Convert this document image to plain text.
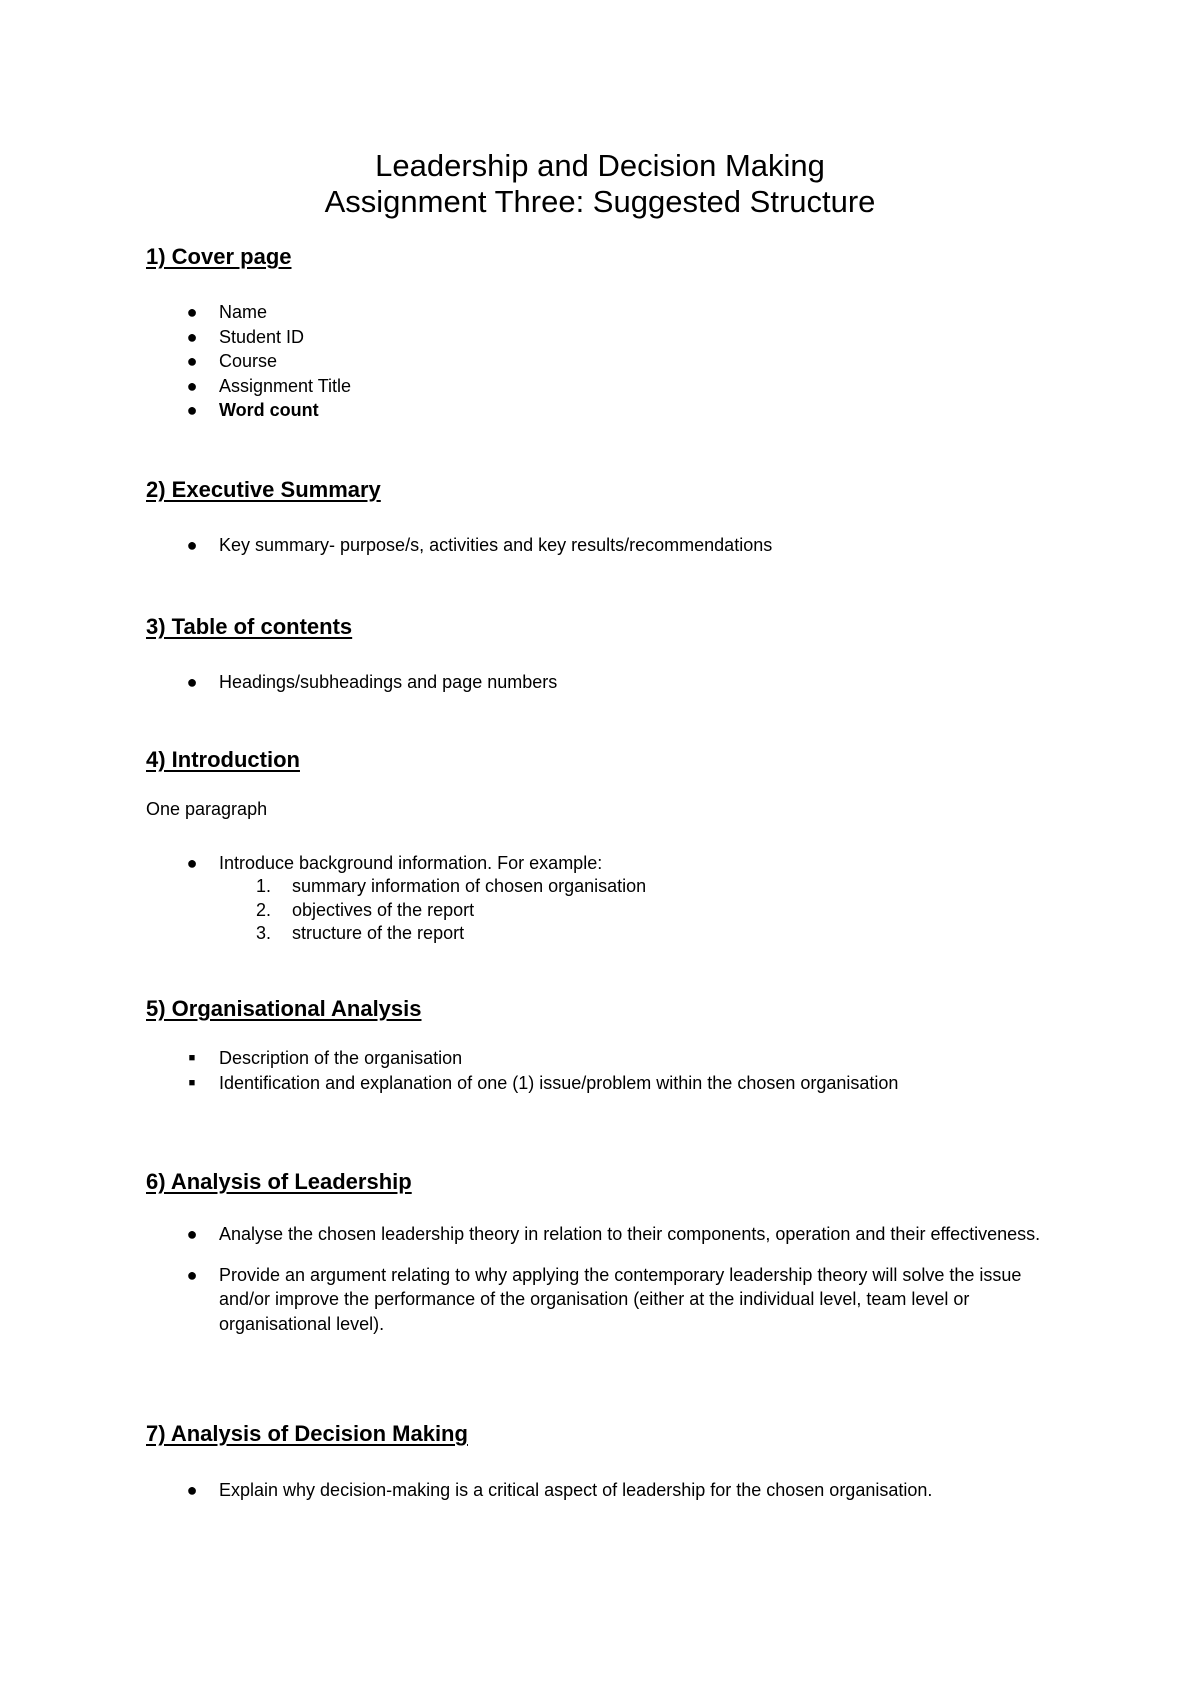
Leadership and Decision Making
Assignment Three: Suggested Structure
1) Cover page
● Name
● Student ID
● Course
● Assignment Title
● Word count
2) Executive Summary
● Key summary- purpose/s, activities and key results/recommendations
3) Table of contents
● Headings/subheadings and page numbers
4) Introduction
One paragraph
● Introduce background information. For example:
1. summary information of chosen organisation
2. objectives of the report
3. structure of the report
5) Organisational Analysis
■ Description of the organisation
■ Identification and explanation of one (1) issue/problem within the chosen organisation
6) Analysis of Leadership
● Analyse the chosen leadership theory in relation to their components, operation and their effectiveness.
● Provide an argument relating to why applying the contemporary leadership theory will solve the issue and/or improve the performance of the organisation (either at the individual level, team level or organisational level).
7) Analysis of Decision Making
● Explain why decision-making is a critical aspect of leadership for the chosen organisation.
